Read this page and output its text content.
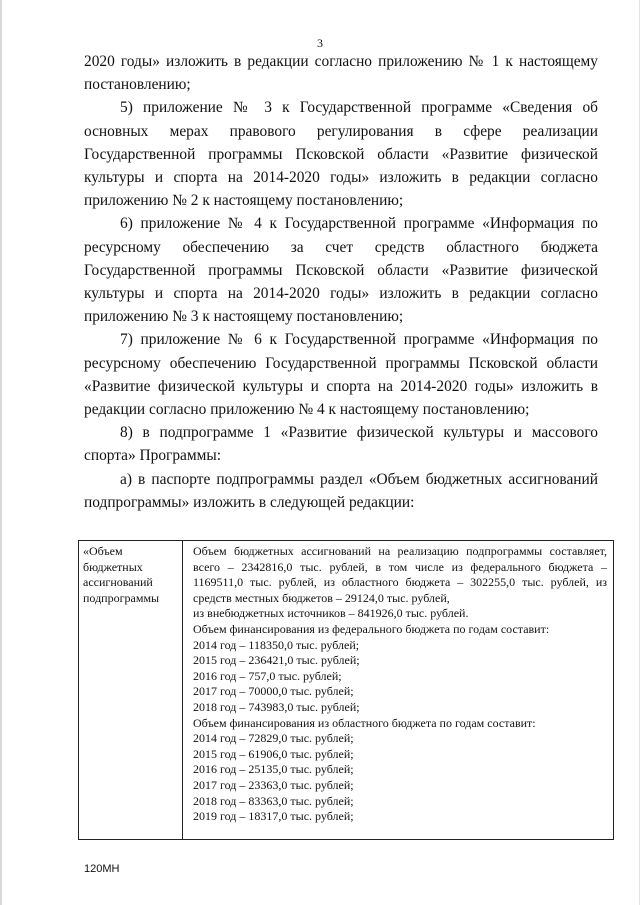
3

2020 годы» изложить в редакции согласно приложению № 1 к настоящему постановлению;

5) приложение № 3 к Государственной программе «Сведения об основных мерах правового регулирования в сфере реализации Государственной программы Псковской области «Развитие физической культуры и спорта на 2014-2020 годы» изложить в редакции согласно приложению № 2 к настоящему постановлению;

6) приложение № 4 к Государственной программе «Информация по ресурсному обеспечению за счет средств областного бюджета Государственной программы Псковской области «Развитие физической культуры и спорта на 2014-2020 годы» изложить в редакции согласно приложению № 3 к настоящему постановлению;

7) приложение № 6 к Государственной программе «Информация по ресурсному обеспечению Государственной программы Псковской области «Развитие физической культуры и спорта на 2014-2020 годы» изложить в редакции согласно приложению № 4 к настоящему постановлению;

8) в подпрограмме 1 «Развитие физической культуры и массового спорта» Программы:

а) в паспорте подпрограммы раздел «Объем бюджетных ассигнований подпрограммы» изложить в следующей редакции:

«Объем бюджетных ассигнований подпрограммы
Объем бюджетных ассигнований на реализацию подпрограммы составляет, всего – 2342816,0 тыс. рублей, в том числе из федерального бюджета – 1169511,0 тыс. рублей, из областного бюджета – 302255,0 тыс. рублей, из средств местных бюджетов – 29124,0 тыс. рублей,
из внебюджетных источников – 841926,0 тыс. рублей.
Объем финансирования из федерального бюджета по годам составит:
2014 год – 118350,0 тыс. рублей;
2015 год – 236421,0 тыс. рублей;
2016 год – 757,0 тыс. рублей;
2017 год – 70000,0 тыс. рублей;
2018 год – 743983,0 тыс. рублей;
Объем финансирования из областного бюджета по годам составит:
2014 год – 72829,0 тыс. рублей;
2015 год – 61906,0 тыс. рублей;
2016 год – 25135,0 тыс. рублей;
2017 год – 23363,0 тыс. рублей;
2018 год – 83363,0 тыс. рублей;
2019 год – 18317,0 тыс. рублей;
120МН
